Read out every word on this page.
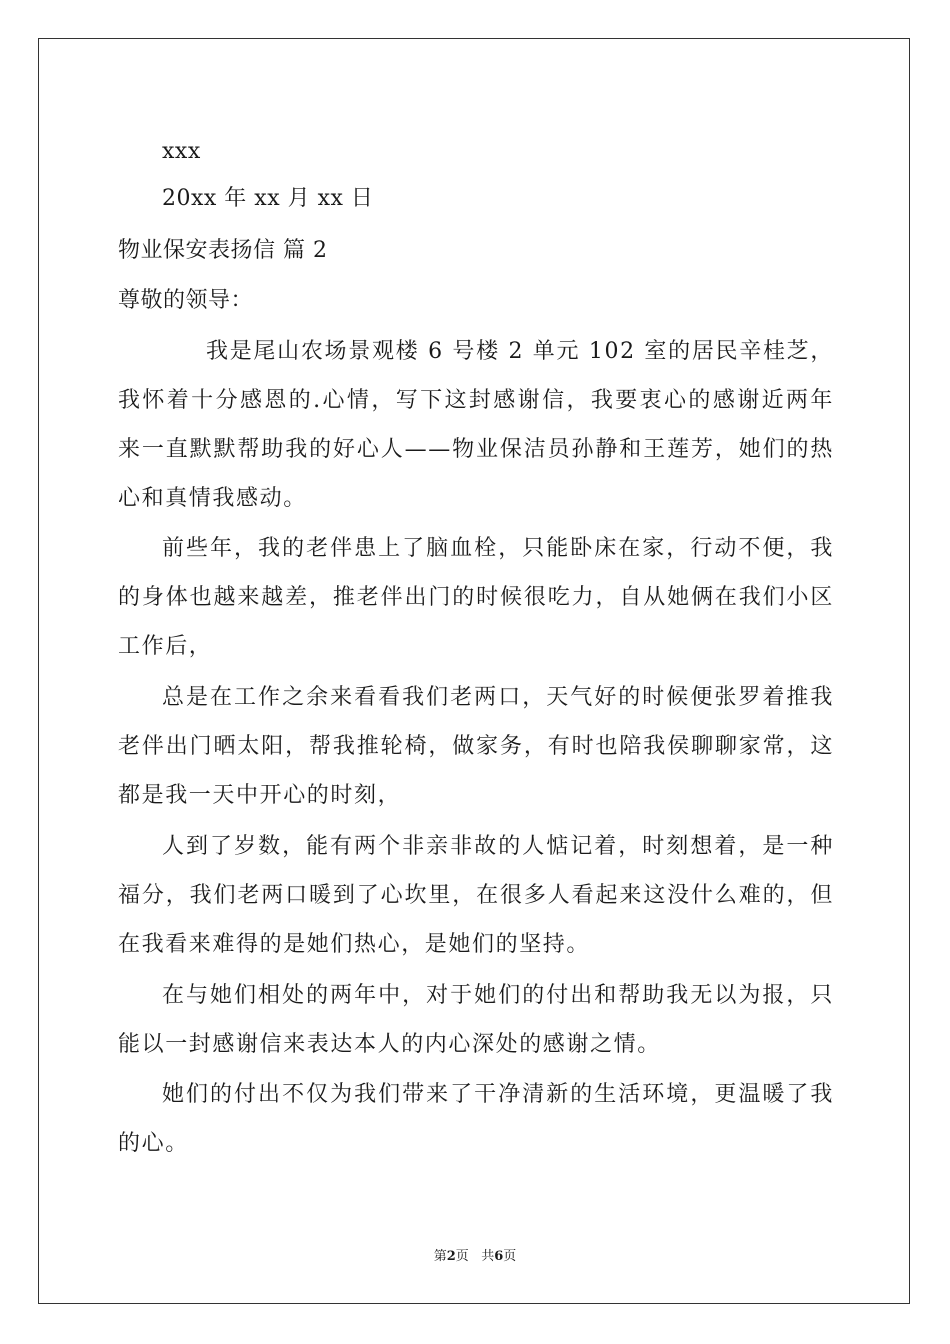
xxx
20xx 年 xx 月 xx 日
物业保安表扬信 篇 2
尊敬的领导：
我是尾山农场景观楼 6 号楼 2 单元 102 室的居民辛桂芝，我怀着十分感恩的.心情，写下这封感谢信，我要衷心的感谢近两年来一直默默帮助我的好心人——物业保洁员孙静和王莲芳，她们的热心和真情我感动。
前些年，我的老伴患上了脑血栓，只能卧床在家，行动不便，我的身体也越来越差，推老伴出门的时候很吃力，自从她俩在我们小区工作后，
总是在工作之余来看看我们老两口，天气好的时候便张罗着推我老伴出门晒太阳，帮我推轮椅，做家务，有时也陪我侯聊聊家常，这都是我一天中开心的时刻，
人到了岁数，能有两个非亲非故的人惦记着，时刻想着，是一种福分，我们老两口暖到了心坎里，在很多人看起来这没什么难的，但在我看来难得的是她们热心，是她们的坚持。
在与她们相处的两年中，对于她们的付出和帮助我无以为报，只能以一封感谢信来表达本人的内心深处的感谢之情。
她们的付出不仅为我们带来了干净清新的生活环境，更温暖了我的心。
第2页   共6页
